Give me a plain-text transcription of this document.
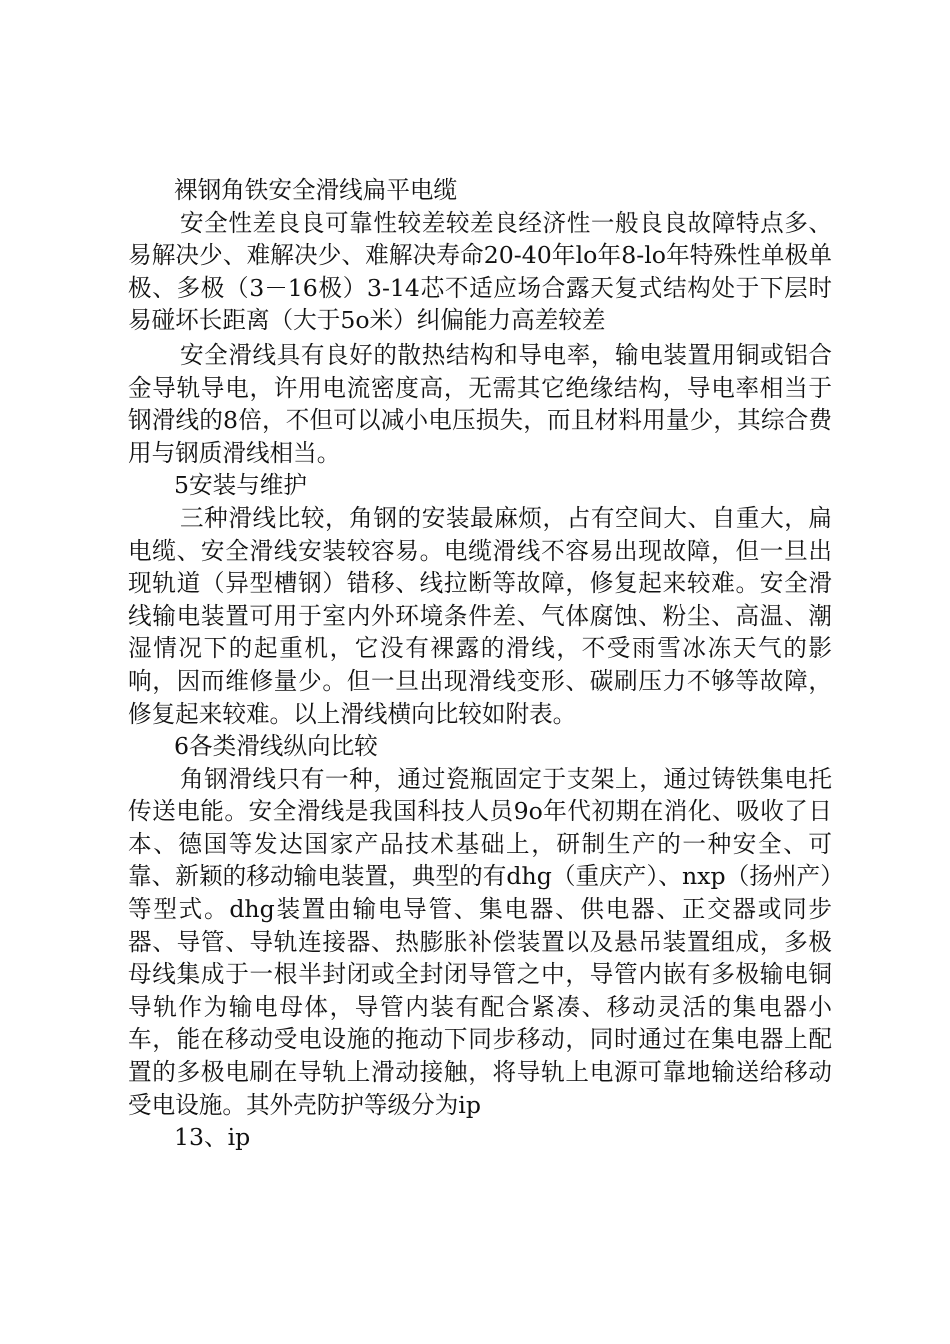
裸钢角铁安全滑线扁平电缆

安全性差良良可靠性较差较差良经济性一般良良故障特点多、易解决少、难解决少、难解决寿命20-40年lo年8-lo年特殊性单极单极、多极（3－16极）3-14芯不适应场合露天复式结构处于下层时易碰坏长距离（大于5o米）纠偏能力高差较差

安全滑线具有良好的散热结构和导电率，输电装置用铜或铝合金导轨导电，许用电流密度高，无需其它绝缘结构，导电率相当于钢滑线的8倍，不但可以减小电压损失，而且材料用量少，其综合费用与钢质滑线相当。

5安装与维护

三种滑线比较，角钢的安装最麻烦，占有空间大、自重大，扁电缆、安全滑线安装较容易。电缆滑线不容易出现故障，但一旦出现轨道（异型槽钢）错移、线拉断等故障，修复起来较难。安全滑线输电装置可用于室内外环境条件差、气体腐蚀、粉尘、高温、潮湿情况下的起重机，它没有裸露的滑线，不受雨雪冰冻天气的影响，因而维修量少。但一旦出现滑线变形、碳刷压力不够等故障，修复起来较难。以上滑线横向比较如附表。

6各类滑线纵向比较

角钢滑线只有一种，通过瓷瓶固定于支架上，通过铸铁集电托传送电能。安全滑线是我国科技人员9o年代初期在消化、吸收了日本、德国等发达国家产品技术基础上，研制生产的一种安全、可靠、新颖的移动输电装置，典型的有dhg（重庆产）、nxp（扬州产）等型式。dhg装置由输电导管、集电器、供电器、正交器或同步器、导管、导轨连接器、热膨胀补偿装置以及悬吊装置组成，多极母线集成于一根半封闭或全封闭导管之中，导管内嵌有多极输电铜导轨作为输电母体，导管内装有配合紧凑、移动灵活的集电器小车，能在移动受电设施的拖动下同步移动，同时通过在集电器上配置的多极电刷在导轨上滑动接触，将导轨上电源可靠地输送给移动受电设施。其外壳防护等级分为ip

13、ip
